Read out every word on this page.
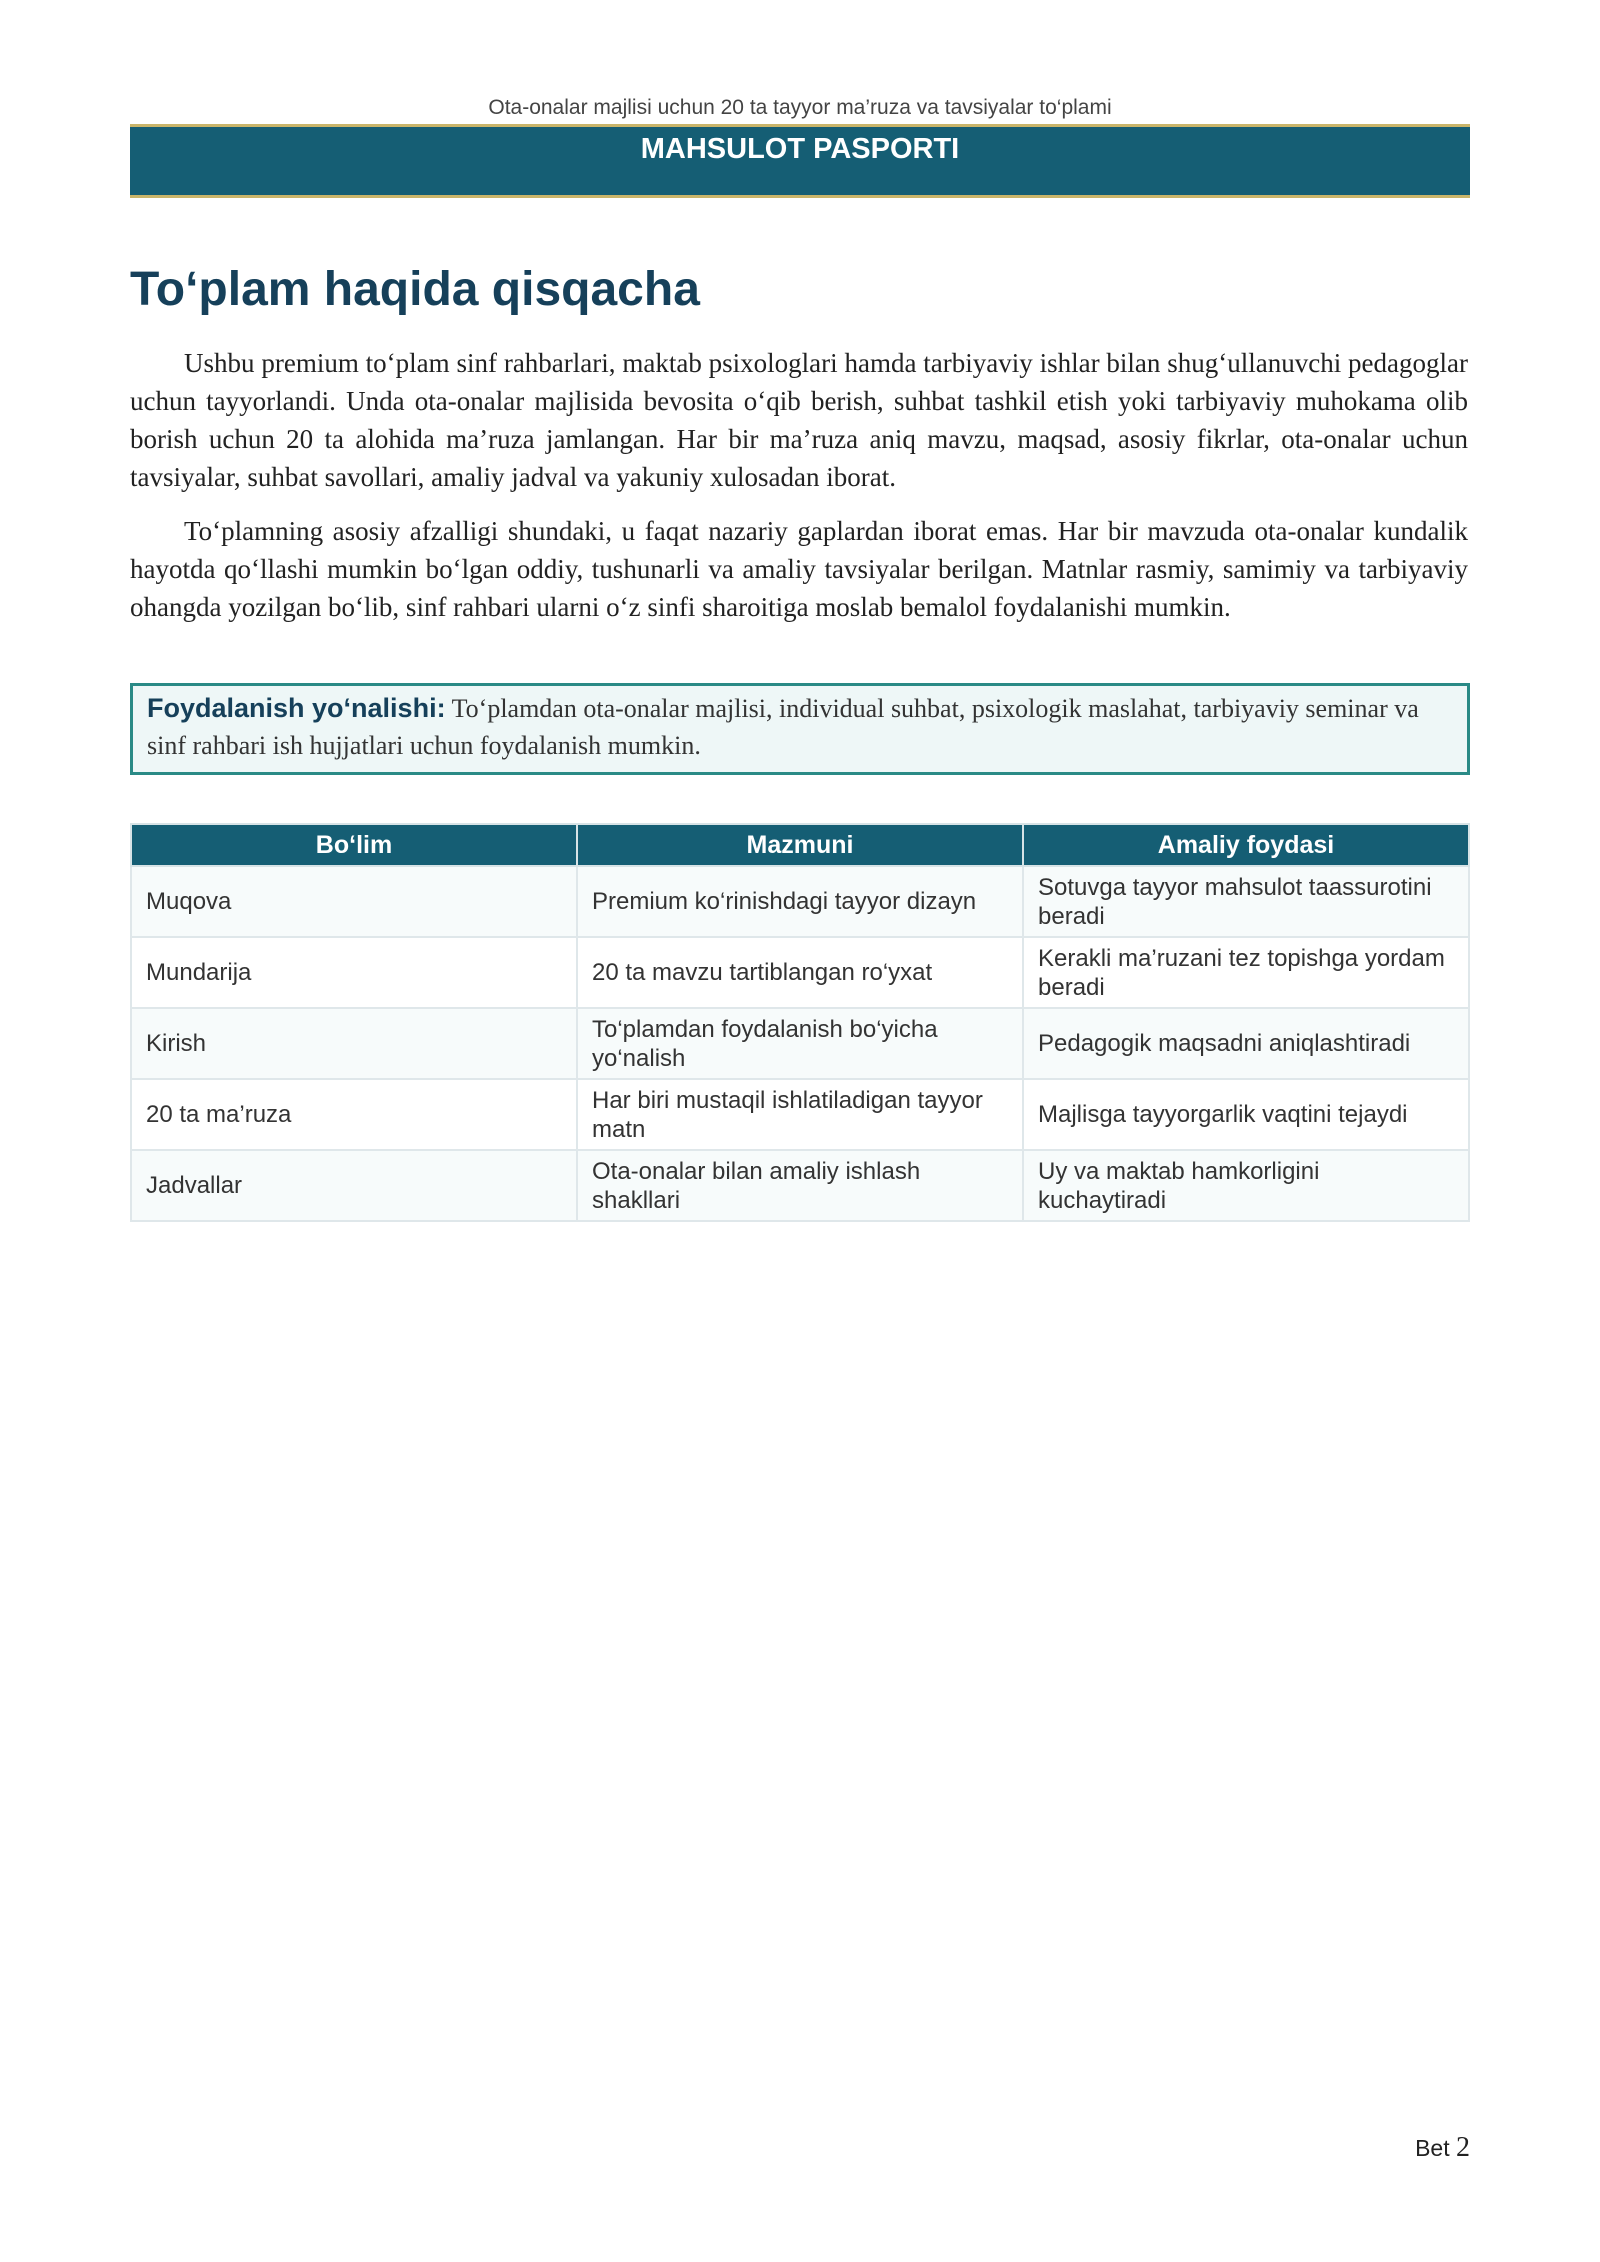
Ota-onalar majlisi uchun 20 ta tayyor ma’ruza va tavsiyalar to‘plami
MAHSULOT PASPORTI
To‘plam haqida qisqacha

Ushbu premium to‘plam sinf rahbarlari, maktab psixologlari hamda tarbiyaviy ishlar bilan shug‘ullanuvchi pedagoglar uchun tayyorlandi. Unda ota-onalar majlisida bevosita o‘qib berish, suhbat tashkil etish yoki tarbiyaviy muhokama olib borish uchun 20 ta alohida ma’ruza jamlangan. Har bir ma’ruza aniq mavzu, maqsad, asosiy fikrlar, ota-onalar uchun tavsiyalar, suhbat savollari, amaliy jadval va yakuniy xulosadan iborat.

To‘plamning asosiy afzalligi shundaki, u faqat nazariy gaplardan iborat emas. Har bir mavzuda ota-onalar kundalik hayotda qo‘llashi mumkin bo‘lgan oddiy, tushunarli va amaliy tavsiyalar berilgan. Matnlar rasmiy, samimiy va tarbiyaviy ohangda yozilgan bo‘lib, sinf rahbari ularni o‘z sinfi sharoitiga moslab bemalol foydalanishi mumkin.

Foydalanish yo‘nalishi: To‘plamdan ota-onalar majlisi, individual suhbat, psixologik maslahat, tarbiyaviy seminar va sinf rahbari ish hujjatlari uchun foydalanish mumkin.
Bo‘lim	Mazmuni	Amaliy foydasi
Muqova	Premium ko‘rinishdagi tayyor dizayn	Sotuvga tayyor mahsulot taassurotini beradi
Mundarija	20 ta mavzu tartiblangan ro‘yxat	Kerakli ma’ruzani tez topishga yordam beradi
Kirish	To‘plamdan foydalanish bo‘yicha yo‘nalish	Pedagogik maqsadni aniqlashtiradi
20 ta ma’ruza	Har biri mustaqil ishlatiladigan tayyor matn	Majlisga tayyorgarlik vaqtini tejaydi
Jadvallar	Ota-onalar bilan amaliy ishlash shakllari	Uy va maktab hamkorligini kuchaytiradi
Bet 2
